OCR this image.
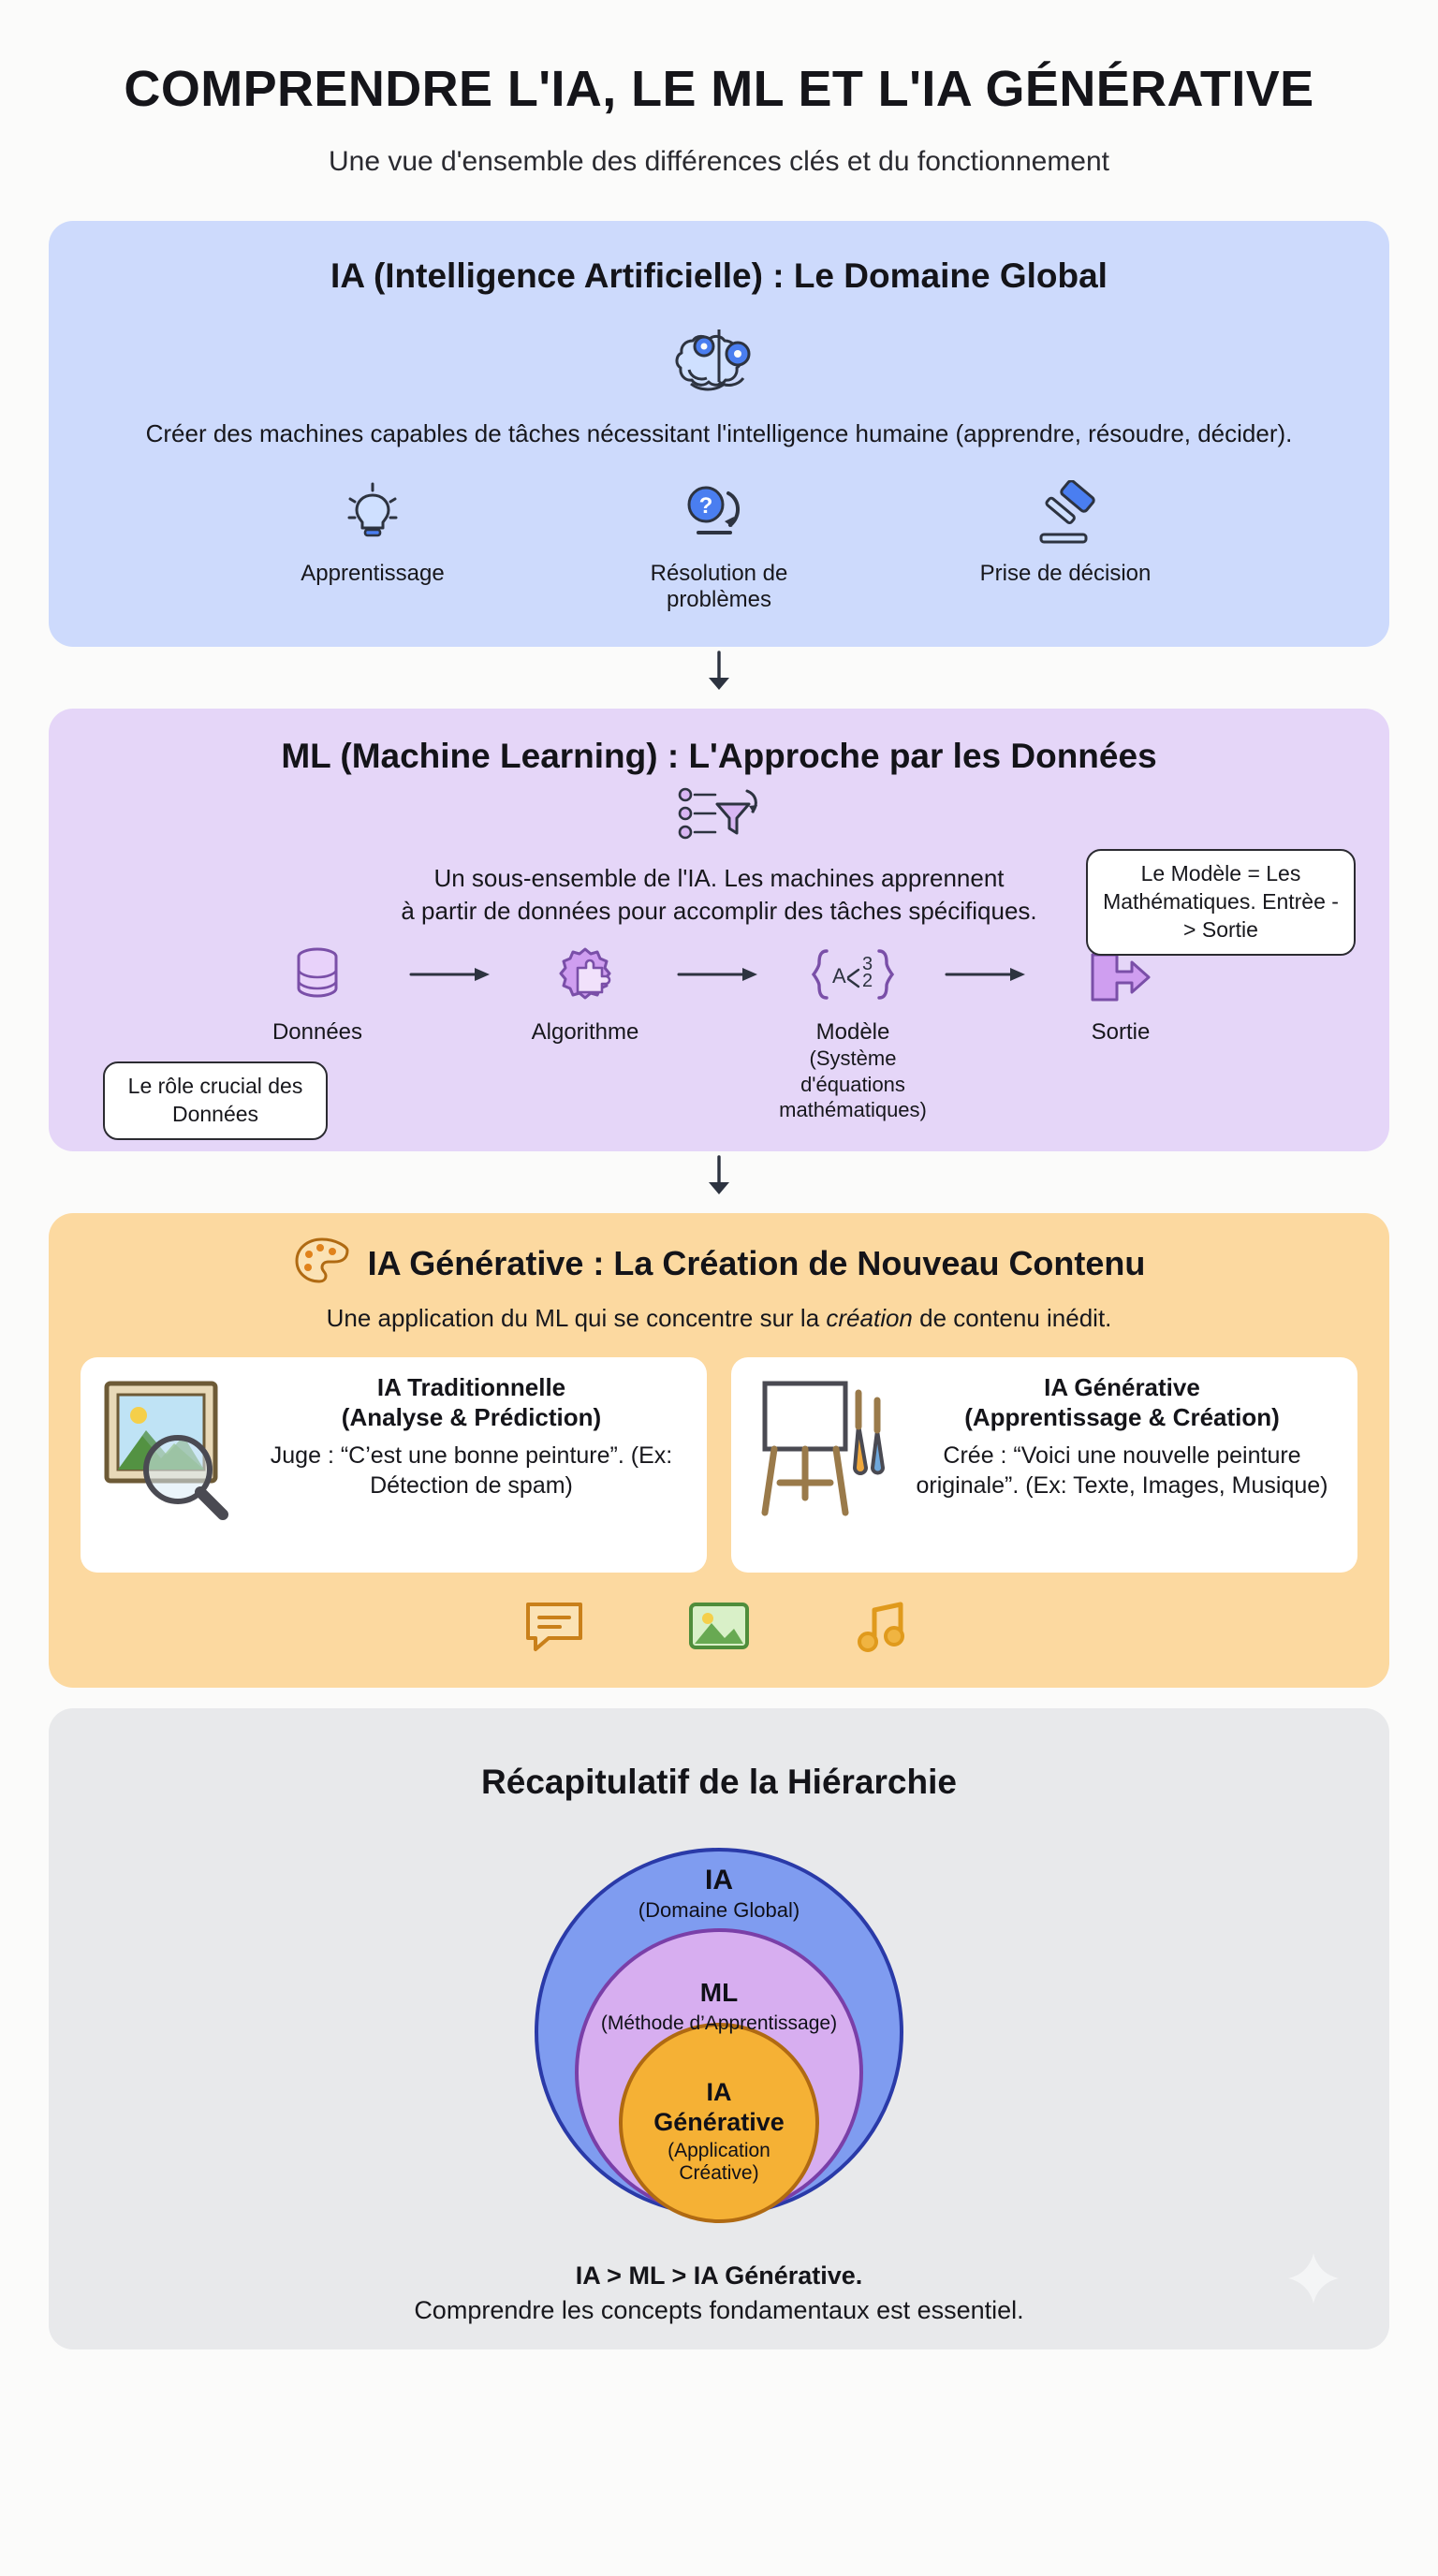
COMPRENDRE L'IA, LE ML ET L'IA GÉNÉRATIVE

Une vue d'ensemble des différences clés et du fonctionnement

IA (Intelligence Artificielle) : Le Domaine Global

Créer des machines capables de tâches nécessitant l'intelligence humaine (apprendre, résoudre, décider).

Apprentissage
?
Résolution de problèmes
Prise de décision
ML (Machine Learning) : L'Approche par les Données

Un sous-ensemble de l'IA. Les machines apprennent
à partir de données pour accomplir des tâches spécifiques.

Données	Algorithme
A 3
2
Modèle
(Système d'équations mathématiques)
Sortie
Le Modèle = Les Mathématiques. Entrèe -> Sortie
Le rôle crucial des Données
IA Générative : La Création de Nouveau Contenu

Une application du ML qui se concentre sur la création de contenu inédit.

IA Traditionnelle
(Analyse & Prédiction)
Juge : “C’est une bonne peinture”. (Ex: Détection de spam)
IA Générative
(Apprentissage & Création)
Crée : “Voici une nouvelle peinture originale”. (Ex: Texte, Images, Musique)
Récapitulatif de la Hiérarchie
IA
(Domaine Global)
ML
(Méthode d’Apprentissage)
IA
Générative
(Application
Créative)
IA > ML > IA Générative.
Comprendre les concepts fondamentaux est essentiel.
